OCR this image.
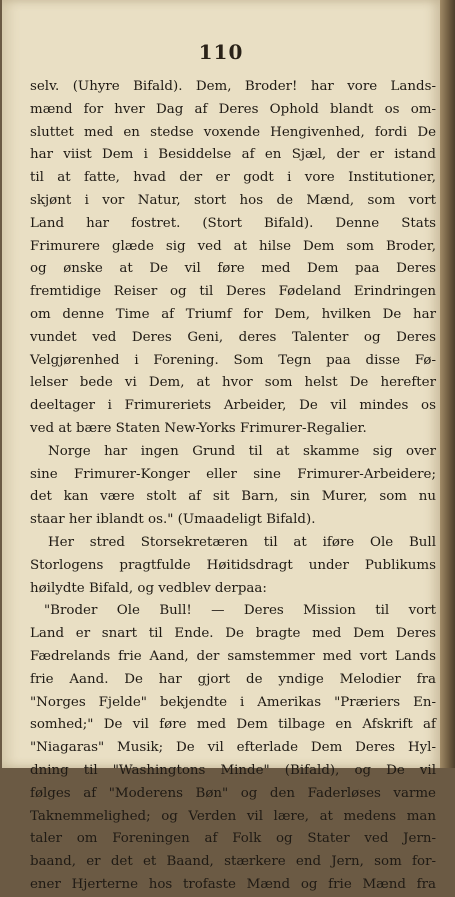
110
selv. (Uhyre Bifald). Dem, Broder! har vore Lands-
mænd for hver Dag af Deres Ophold blandt os om-
sluttet med en stedse voxende Hengivenhed, fordi De
har viist Dem i Besiddelse af en Sjæl, der er istand
til at fatte, hvad der er godt i vore Institutioner,
skjønt i vor Natur, stort hos de Mænd, som vort
Land har fostret. (Stort Bifald). Denne Stats
Frimurere glæde sig ved at hilse Dem som Broder,
og ønske at De vil føre med Dem paa Deres
fremtidige Reiser og til Deres Fødeland Erindringen
om denne Time af Triumf for Dem, hvilken De har
vundet ved Deres Geni, deres Talenter og Deres
Velgjørenhed i Forening. Som Tegn paa disse Fø-
lelser bede vi Dem, at hvor som helst De herefter
deeltager i Frimureriets Arbeider, De vil mindes os
ved at bære Staten New-Yorks Frimurer-Regalier.
Norge har ingen Grund til at skamme sig over
sine Frimurer-Konger eller sine Frimurer-Arbeidere;
det kan være stolt af sit Barn, sin Murer, som nu
staar her iblandt os." (Umaadeligt Bifald).
Her stred Storsekretæren til at iføre Ole Bull
Storlogens pragtfulde Høitidsdragt under Publikums
høilydte Bifald, og vedblev derpaa:
"Broder Ole Bull! — Deres Mission til vort
Land er snart til Ende. De bragte med Dem Deres
Fædrelands frie Aand, der samstemmer med vort Lands
frie Aand. De har gjort de yndige Melodier fra
"Norges Fjelde" bekjendte i Amerikas "Præriers En-
somhed;" De vil føre med Dem tilbage en Afskrift af
"Niagaras" Musik; De vil efterlade Dem Deres Hyl-
dning til "Washingtons Minde" (Bifald), og De vil
følges af "Moderens Bøn" og den Faderløses varme
Taknemmelighed; og Verden vil lære, at medens man
taler om Foreningen af Folk og Stater ved Jern-
baand, er det et Baand, stærkere end Jern, som for-
ener Hjerterne hos trofaste Mænd og frie Mænd fra
